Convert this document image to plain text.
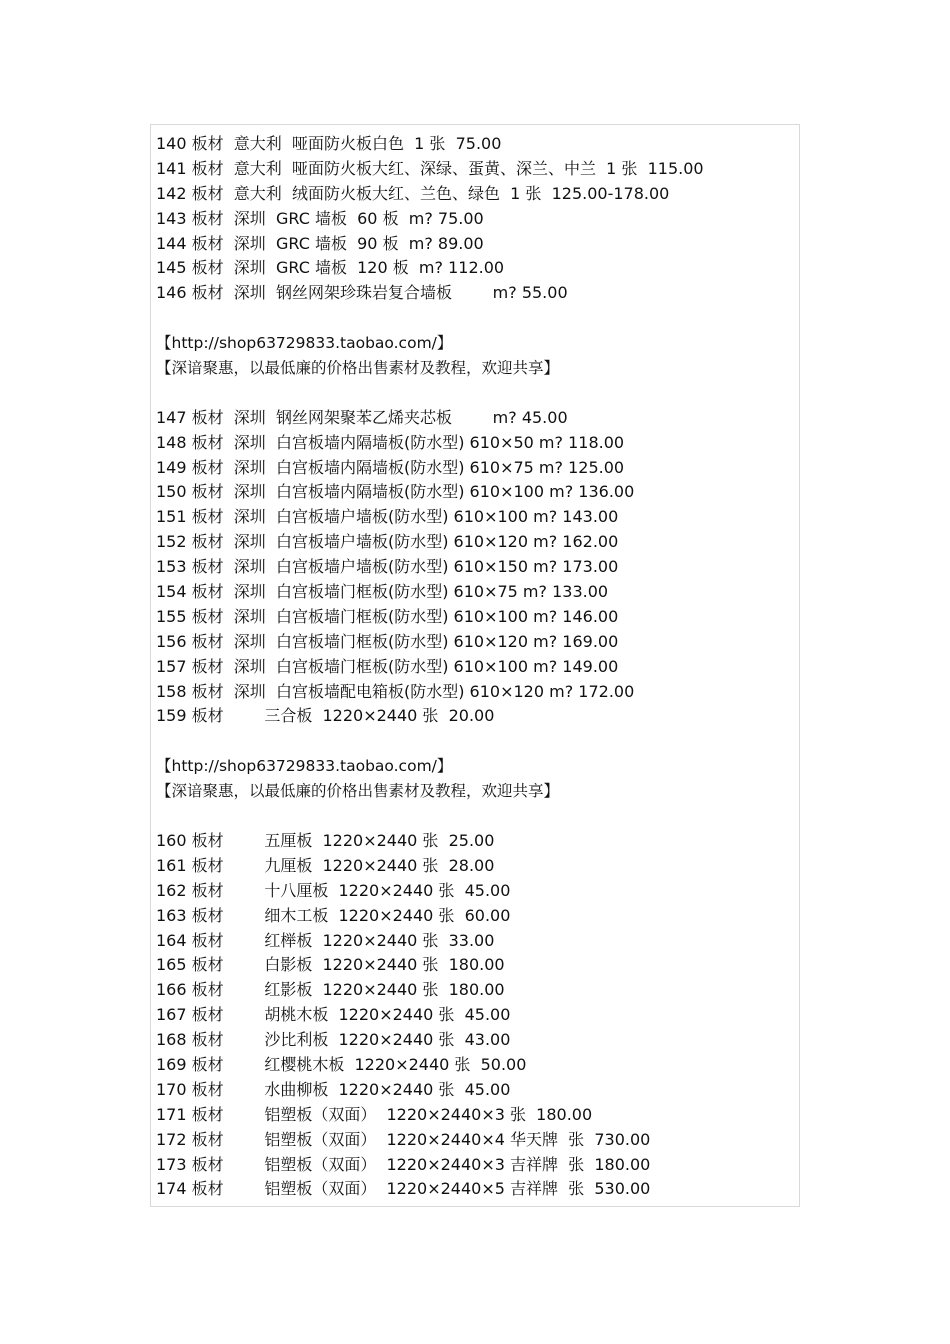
140 板材  意大利  哑面防火板白色  1 张  75.00
141 板材  意大利  哑面防火板大红、深绿、蛋黄、深兰、中兰  1 张  115.00
142 板材  意大利  绒面防火板大红、兰色、绿色  1 张  125.00-178.00
143 板材  深圳  GRC 墙板  60 板  m? 75.00
144 板材  深圳  GRC 墙板  90 板  m? 89.00
145 板材  深圳  GRC 墙板  120 板  m? 112.00
146 板材  深圳  钢丝网架珍珠岩复合墙板        m? 55.00
【http://shop63729833.taobao.com/】
【深谙聚惠，以最低廉的价格出售素材及教程，欢迎共享】
147 板材  深圳  钢丝网架聚苯乙烯夹芯板        m? 45.00
148 板材  深圳  白宫板墙内隔墙板(防水型) 610×50 m? 118.00
149 板材  深圳  白宫板墙内隔墙板(防水型) 610×75 m? 125.00
150 板材  深圳  白宫板墙内隔墙板(防水型) 610×100 m? 136.00
151 板材  深圳  白宫板墙户墙板(防水型) 610×100 m? 143.00
152 板材  深圳  白宫板墙户墙板(防水型) 610×120 m? 162.00
153 板材  深圳  白宫板墙户墙板(防水型) 610×150 m? 173.00
154 板材  深圳  白宫板墙门框板(防水型) 610×75 m? 133.00
155 板材  深圳  白宫板墙门框板(防水型) 610×100 m? 146.00
156 板材  深圳  白宫板墙门框板(防水型) 610×120 m? 169.00
157 板材  深圳  白宫板墙门框板(防水型) 610×100 m? 149.00
158 板材  深圳  白宫板墙配电箱板(防水型) 610×120 m? 172.00
159 板材        三合板  1220×2440 张  20.00
【http://shop63729833.taobao.com/】
【深谙聚惠，以最低廉的价格出售素材及教程，欢迎共享】
160 板材        五厘板  1220×2440 张  25.00
161 板材        九厘板  1220×2440 张  28.00
162 板材        十八厘板  1220×2440 张  45.00
163 板材        细木工板  1220×2440 张  60.00
164 板材        红榉板  1220×2440 张  33.00
165 板材        白影板  1220×2440 张  180.00
166 板材        红影板  1220×2440 张  180.00
167 板材        胡桃木板  1220×2440 张  45.00
168 板材        沙比利板  1220×2440 张  43.00
169 板材        红樱桃木板  1220×2440 张  50.00
170 板材        水曲柳板  1220×2440 张  45.00
171 板材        铝塑板（双面）  1220×2440×3 张  180.00
172 板材        铝塑板（双面）  1220×2440×4 华天牌  张  730.00
173 板材        铝塑板（双面）  1220×2440×3 吉祥牌  张  180.00
174 板材        铝塑板（双面）  1220×2440×5 吉祥牌  张  530.00
